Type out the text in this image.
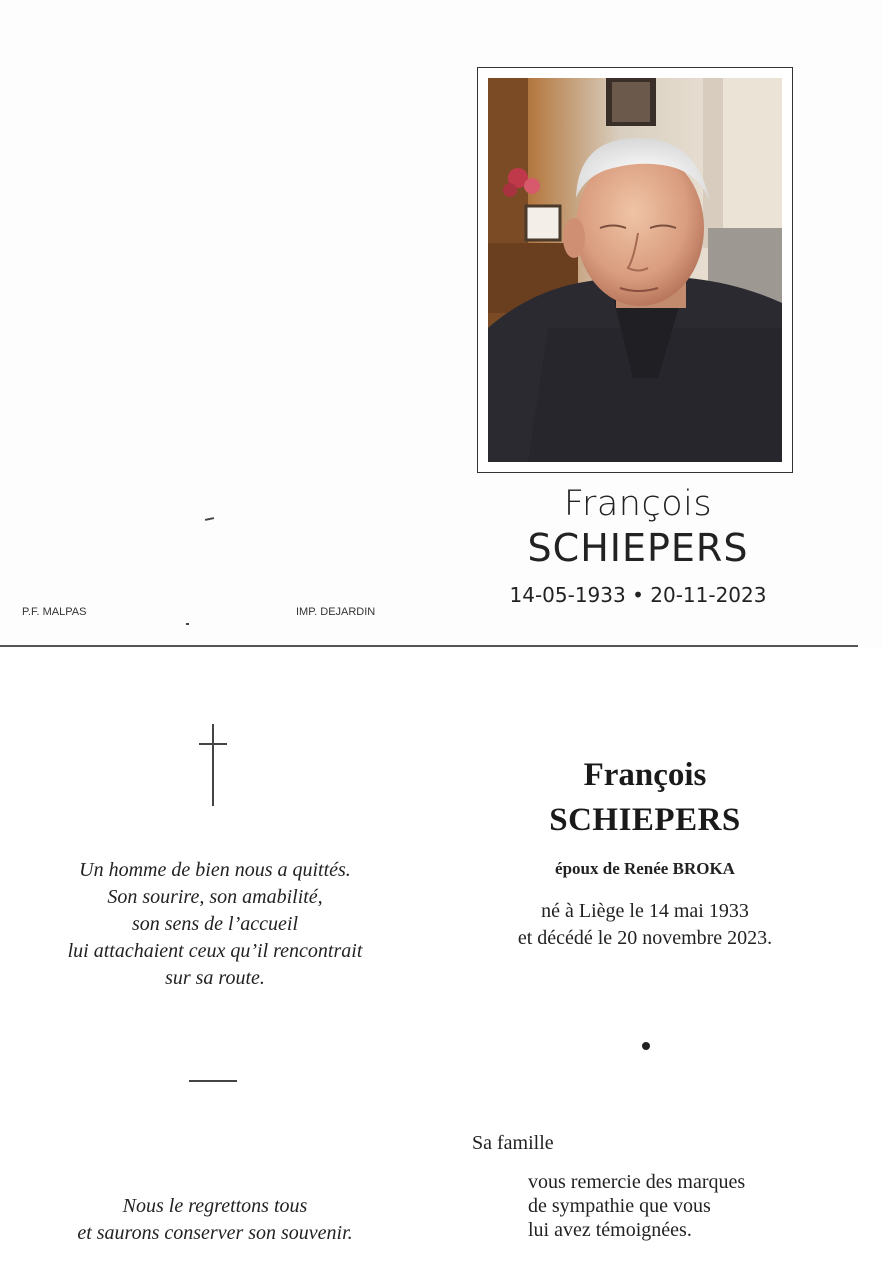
François
SCHIEPERS
14-05-1933 • 20-11-2023
P.F. MALPAS	IMP. DEJARDIN
Un homme de bien nous a quittés.
Son sourire, son amabilité,
son sens de l’accueil
lui attachaient ceux qu’il rencontrait
sur sa route.
Nous le regrettons tous
et saurons conserver son souvenir.
François
SCHIEPERS
époux de Renée BROKA
né à Liège le 14 mai 1933
et décédé le 20 novembre 2023.
Sa famille
vous remercie des marques
de sympathie que vous
lui avez témoignées.
